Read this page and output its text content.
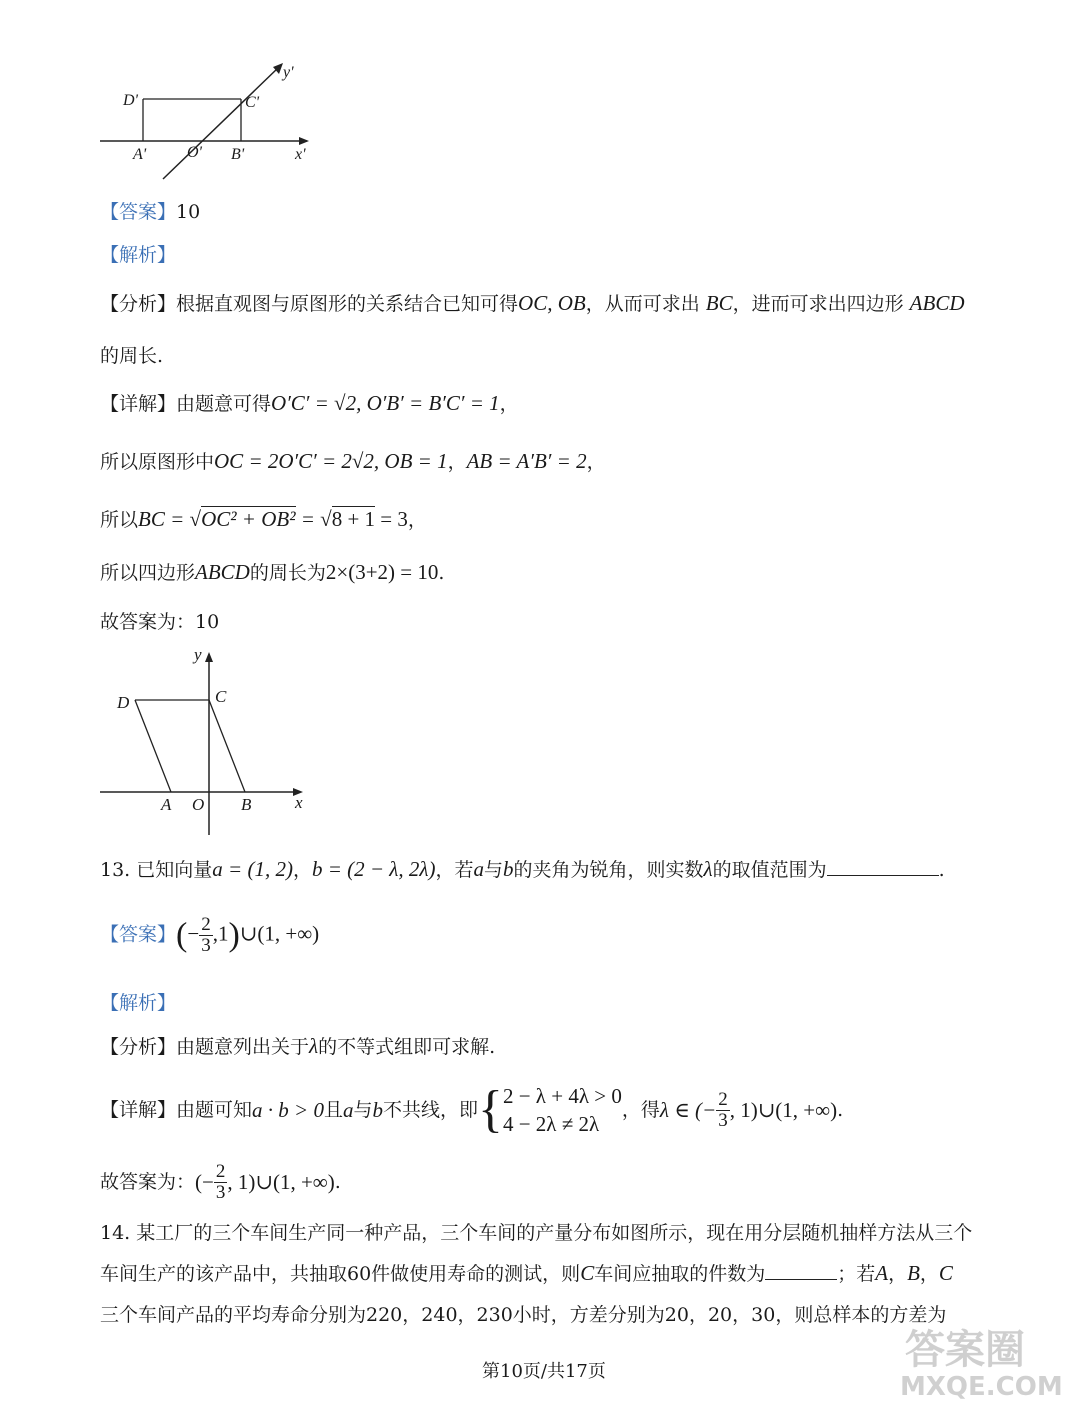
y'
D'	C'
A'	O' B'	x'
【答案】10
【解析】
【分析】根据直观图与原图形的关系结合已知可得OC, OB，从而可求出 BC，进而可求出四边形 ABCD
的周长.
【详解】由题意可得O′C′ = √2, O′B′ = B′C′ = 1，
所以原图形中OC = 2O′C′ = 2√2, OB = 1，AB = A′B′ = 2，
所以BC = √OC² + OB² = √8 + 1 = 3，
所以四边形ABCD的周长为2×(3+2) = 10.
故答案为：10
y
D	C
A O B	x
13. 已知向量a = (1, 2)，b = (2 − λ, 2λ)，若a与b的夹角为锐角，则实数λ的取值范围为	.
【答案】(− $\frac{2}{3}$ ,1)∪(1, +∞)
【解析】
【分析】由题意列出关于λ的不等式组即可求解.
【详解】 由题可知 a · b > 0 且 a 与 b 不共线，即 { 2 − λ + 4λ > 0
4 − 2λ ≠ 2λ
，得 λ ∈ (− $\frac{2}{3}$ , 1)∪(1, +∞) .
故答案为： (− $\frac{2}{3}$ , 1)∪(1, +∞) .
14. 某工厂的三个车间生产同一种产品，三个车间的产量分布如图所示，现在用分层随机抽样方法从三个
车间生产的该产品中，共抽取60件做使用寿命的测试，则C车间应抽取的件数为	；若A，B，C
三个车间产品的平均寿命分别为220，240，230小时，方差分别为20，20，30，则总样本的方差为
第10页/共17页	答案圈
MXQE.COM
